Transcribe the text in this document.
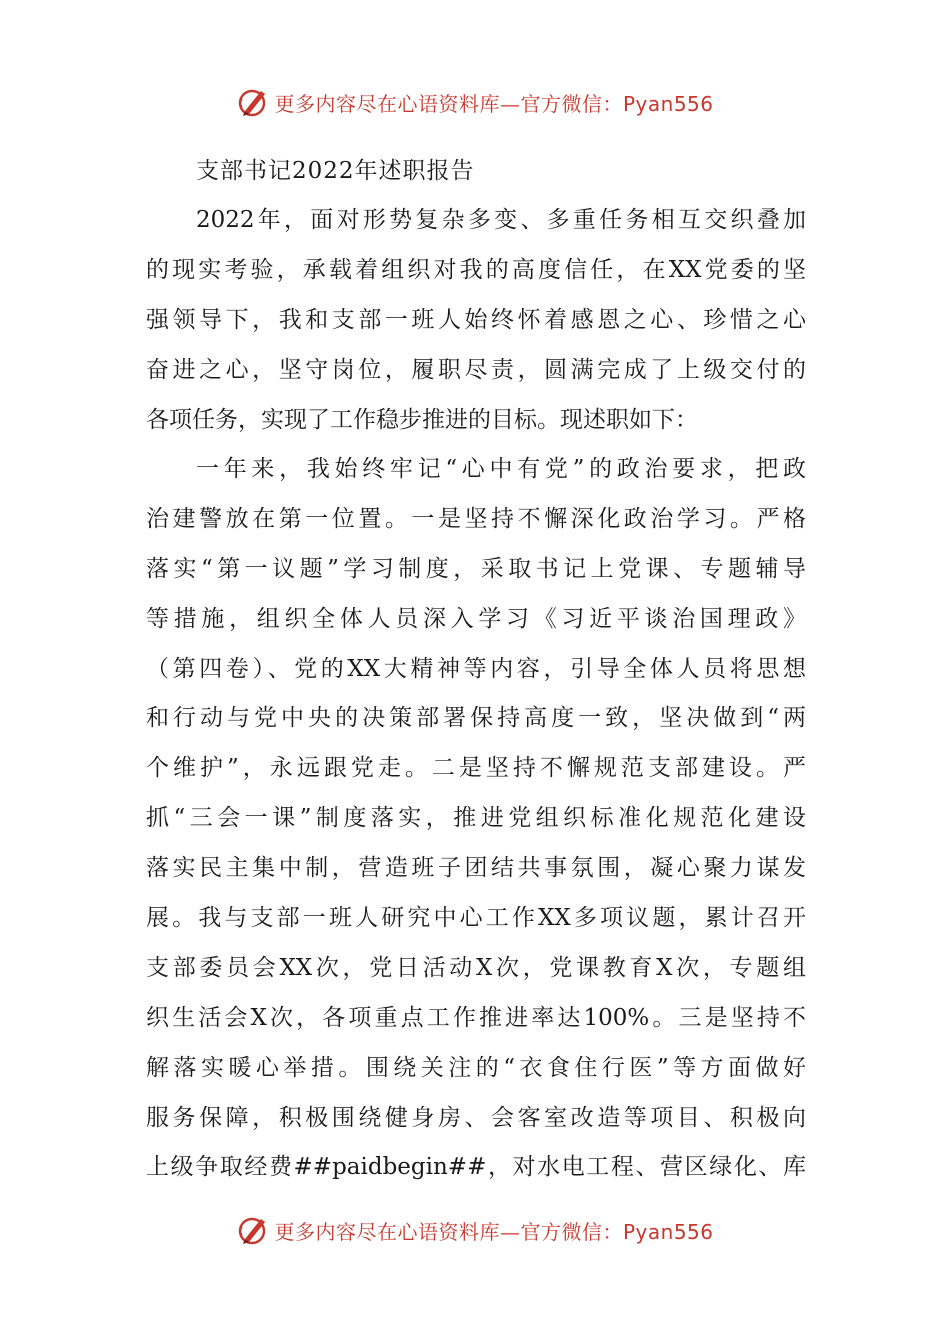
更多内容尽在心语资料库—官方微信：Pyan556
支部书记2022年述职报告
2022年，面对形势复杂多变、多重任务相互交织叠加
的现实考验，承载着组织对我的高度信任，在XX党委的坚
强领导下，我和支部一班人始终怀着感恩之心、珍惜之心
奋进之心，坚守岗位，履职尽责，圆满完成了上级交付的
各项任务，实现了工作稳步推进的目标。现述职如下：
一年来，我始终牢记“心中有党”的政治要求，把政
治建警放在第一位置。一是坚持不懈深化政治学习。严格
落实“第一议题”学习制度，采取书记上党课、专题辅导
等措施，组织全体人员深入学习《习近平谈治国理政》
（第四卷）、党的XX大精神等内容，引导全体人员将思想
和行动与党中央的决策部署保持高度一致，坚决做到“两
个维护”，永远跟党走。二是坚持不懈规范支部建设。严
抓“三会一课”制度落实，推进党组织标准化规范化建设
落实民主集中制，营造班子团结共事氛围，凝心聚力谋发
展。我与支部一班人研究中心工作XX多项议题，累计召开
支部委员会XX次，党日活动X次，党课教育X次，专题组
织生活会X次，各项重点工作推进率达100%。三是坚持不
解落实暖心举措。围绕关注的“衣食住行医”等方面做好
服务保障，积极围绕健身房、会客室改造等项目、积极向
上级争取经费##paidbegin##，对水电工程、营区绿化、库
更多内容尽在心语资料库—官方微信：Pyan556
